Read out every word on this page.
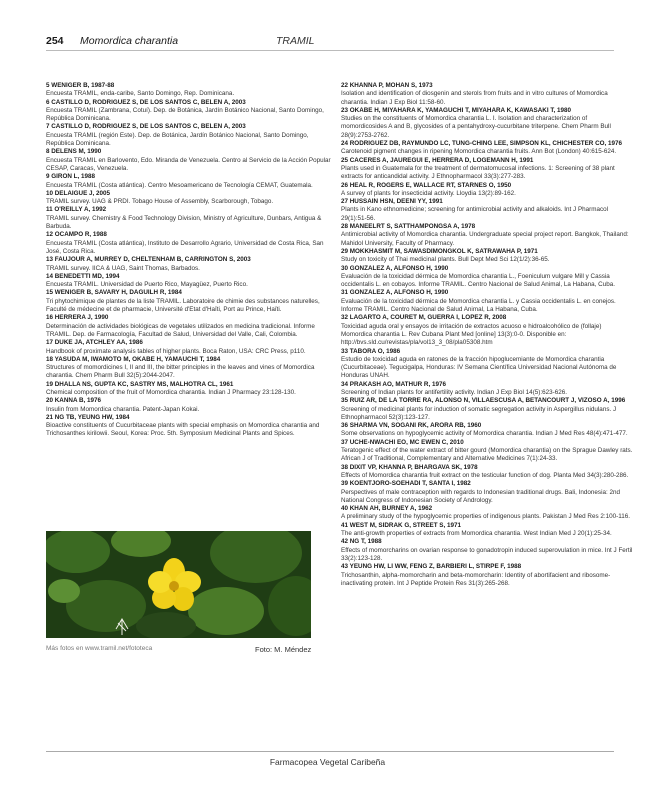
254 Momordica charantia	TRAMIL

5 WENIGER B, 1987-88
Encuesta TRAMIL, enda-caribe, Santo Domingo, Rep. Dominicana.

6 CASTILLO D, RODRIGUEZ S, DE LOS SANTOS C, BELEN A, 2003
Encuesta TRAMIL (Zambrana, Cotuí). Dep. de Botánica, Jardín Botánico Nacional, Santo Domingo, República Dominicana.

7 CASTILLO D, RODRIGUEZ S, DE LOS SANTOS C, BELEN A, 2003
Encuesta TRAMIL (región Este). Dep. de Botánica, Jardín Botánico Nacional, Santo Domingo, República Dominicana.

8 DELENS M, 1990
Encuesta TRAMIL en Barlovento, Edo. Miranda de Venezuela. Centro al Servicio de la Acción Popular CESAP, Caracas, Venezuela.

9 GIRON L, 1988
Encuesta TRAMIL (Costa atlántica). Centro Mesoamericano de Tecnología CEMAT, Guatemala.

10 DELAIGUE J, 2005
TRAMIL survey. UAG & PRDI. Tobago House of Assembly, Scarborough, Tobago.

11 O'REILLY A, 1992
TRAMIL survey. Chemistry & Food Technology Division, Ministry of Agriculture, Dunbars, Antigua & Barbuda.

12 OCAMPO R, 1988
Encuesta TRAMIL (Costa atlántica), Instituto de Desarrollo Agrario, Universidad de Costa Rica, San José, Costa Rica.

13 FAUJOUR A, MURREY D, CHELTENHAM B, CARRINGTON S, 2003
TRAMIL survey. IICA & UAG, Saint Thomas, Barbados.

14 BENEDETTI MD, 1994
Encuesta TRAMIL. Universidad de Puerto Rico, Mayagüez, Puerto Rico.

15 WENIGER B, SAVARY H, DAGUILH R, 1984
Tri phytochimique de plantes de la liste TRAMIL. Laboratoire de chimie des substances naturelles, Faculté de médecine et de pharmacie, Université d'Etat d'Haïti, Port au Prince, Haïti.

16 HERRERA J, 1990
Determinación de actividades biológicas de vegetales utilizados en medicina tradicional. Informe TRAMIL. Dep. de Farmacología, Facultad de Salud, Universidad del Valle, Cali, Colombia.

17 DUKE JA, ATCHLEY AA, 1986
Handbook of proximate analysis tables of higher plants. Boca Raton, USA: CRC Press, p110.

18 YASUDA M, IWAMOTO M, OKABE H, YAMAUCHI T, 1984
Structures of momordicines I, II and III, the bitter principles in the leaves and vines of Momordica charantia. Chem Pharm Bull 32(5):2044-2047.

19 DHALLA NS, GUPTA KC, SASTRY MS, MALHOTRA CL, 1961
Chemical composition of the fruit of Momordica charantia. Indian J Pharmacy 23:128-130.

20 KANNA B, 1976
Insulin from Momordica charantia. Patent-Japan Kokai.

21 NG TB, YEUNG HW, 1984
Bioactive constituents of Cucurbitaceae plants with special emphasis on Momordica charantia and Trichosanthes kirilowii. Seoul, Korea: Proc. 5th. Symposium Medicinal Plants and Spices.

22 KHANNA P, MOHAN S, 1973
Isolation and identification of diosgenin and sterols from fruits and in vitro cultures of Momordica charantia. Indian J Exp Biol 11:58-60.

23 OKABE H, MIYAHARA K, YAMAGUCHI T, MIYAHARA K, KAWASAKI T, 1980
Studies on the constituents of Momordica charantia L. I. Isolation and characterization of momordicosides A and B, glycosides of a pentahydroxy-cucurbitane triterpene. Chem Pharm Bull 28(9):2753-2762.

24 RODRIGUEZ DB, RAYMUNDO LC, TUNG-CHING LEE, SIMPSON KL, CHICHESTER CO, 1976
Carotenoid pigment changes in ripening Momordica charantia fruits. Ann Bot (London) 40:615-624.

25 CACERES A, JAUREGUI E, HERRERA D, LOGEMANN H, 1991
Plants used in Guatemala for the treatment of dermatomucosal infections. 1: Screening of 38 plant extracts for anticandidal activity. J Ethnopharmacol 33(3):277-283.

26 HEAL R, ROGERS E, WALLACE RT, STARNES O, 1950
A survey of plants for insecticidal activity. Lloydia 13(2):89-162.

27 HUSSAIN HSN, DEENI YY, 1991
Plants in Kano ethnomedicine; screening for antimicrobial activity and alkaloids. Int J Pharmacol 29(1):51-56.

28 MANEELRT S, SATTHAMPONGSA A, 1978
Antimicrobial activity of Momordica charantia. Undergraduate special project report. Bangkok, Thailand: Mahidol University, Faculty of Pharmacy.

29 MOKKHASMIT M, SAWASDIMONGKOL K, SATRAWAHA P, 1971
Study on toxicity of Thai medicinal plants. Bull Dept Med Sci 12(1/2):36-65.

30 GONZALEZ A, ALFONSO H, 1990
Evaluación de la toxicidad dérmica de Momordica charantia L., Foeniculum vulgare Mill y Cassia occidentalis L. en cobayos. Informe TRAMIL. Centro Nacional de Salud Animal, La Habana, Cuba.

31 GONZALEZ A, ALFONSO H, 1990
Evaluación de la toxicidad dérmica de Momordica charantia L. y Cassia occidentalis L. en conejos. Informe TRAMIL. Centro Nacional de Salud Animal, La Habana, Cuba.

32 LAGARTO A, COURET M, GUERRA I, LOPEZ R, 2008
Toxicidad aguda oral y ensayos de irritación de extractos acuoso e hidroalcohólico de (follaje) Momordica charantia L. Rev Cubana Plant Med [online] 13(3):0-0. Disponible en: http://bvs.sld.cu/revistas/pla/vol13_3_08/pla05308.htm

33 TABORA O, 1986
Estudio de toxicidad aguda en ratones de la fracción hipoglucemiante de Momordica charantia (Cucurbitaceae). Tegucigalpa, Honduras: IV Semana Científica Universidad Nacional Autónoma de Honduras UNAH.

34 PRAKASH AO, MATHUR R, 1976
Screening of Indian plants for antifertility activity. Indian J Exp Biol 14(5):623-626.

35 RUIZ AR, DE LA TORRE RA, ALONSO N, VILLAESCUSA A, BETANCOURT J, VIZOSO A, 1996
Screening of medicinal plants for induction of somatic segregation activity in Aspergillus nidulans. J Ethnopharmacol 52(3):123-127.

36 SHARMA VN, SOGANI RK, ARORA RB, 1960
Some observations on hypoglycemic activity of Momordica charantia. Indian J Med Res 48(4):471-477.

37 UCHE-NWACHI EO, MC EWEN C, 2010
Teratogenic effect of the water extract of bitter gourd (Momordica charantia) on the Sprague Dawley rats. African J of Traditional, Complementary and Alternative Medicines 7(1):24-33.

38 DIXIT VP, KHANNA P, BHARGAVA SK, 1978
Effects of Momordica charantia fruit extract on the testicular function of dog. Planta Med 34(3):280-286.

39 KOENTJORO-SOEHADI T, SANTA I, 1982
Perspectives of male contraception with regards to Indonesian traditional drugs. Bali, Indonesia: 2nd National Congress of Indonesian Society of Andrology.

40 KHAN AH, BURNEY A, 1962
A preliminary study of the hypoglycemic properties of indigenous plants. Pakistan J Med Res 2:100-116.

41 WEST M, SIDRAK G, STREET S, 1971
The anti-growth properties of extracts from Momordica charantia. West Indian Med J 20(1):25-34.

42 NG T, 1988
Effects of momorcharins on ovarian response to gonadotropin induced superovulation in mice. Int J Fertil 33(2):123-128.

43 YEUNG HW, LI WW, FENG Z, BARBIERI L, STIRPE F, 1988
Trichosanthin, alpha-momorcharin and beta-momorcharin: Identity of abortifacient and ribosome-inactivating protein. Int J Peptide Protein Res 31(3):265-268.

Más fotos en www.tramil.net/fototeca	Foto: M. Méndez
Farmacopea Vegetal Caribeña
